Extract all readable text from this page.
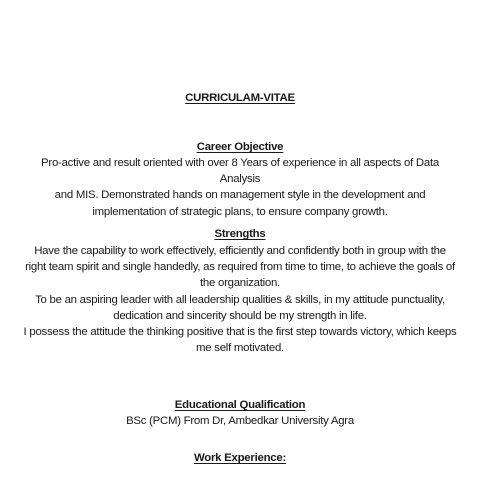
CURRICULAM-VITAE
Career Objective
Pro-active and result oriented with over 8 Years of experience in all aspects of Data Analysis
and MIS. Demonstrated hands on management style in the development and
implementation of strategic plans, to ensure company growth.
Strengths
Have the capability to work effectively, efficiently and confidently both in group with the
right team spirit and single handedly, as required from time to time, to achieve the goals of
the organization.
To be an aspiring leader with all leadership qualities & skills, in my attitude punctuality,
dedication and sincerity should be my strength in life.
I possess the attitude the thinking positive that is the first step towards victory, which keeps
me self motivated.
Educational Qualification
BSc (PCM) From Dr, Ambedkar University Agra
Work Experience:
